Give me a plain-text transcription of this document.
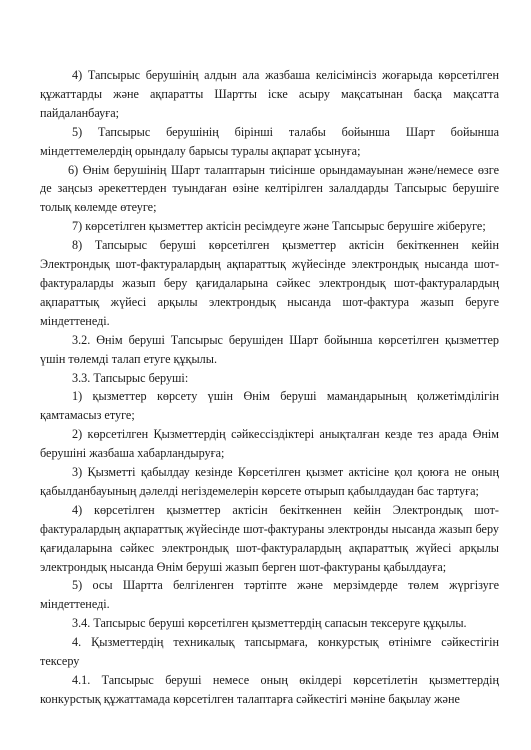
4) Тапсырыс берушінің алдын ала жазбаша келісімінсіз жоғарыда көрсетілген құжаттарды және ақпаратты Шартты іске асыру мақсатынан басқа мақсатта пайдаланбауға;

5) Тапсырыс берушінің бірінші талабы бойынша Шарт бойынша міндеттемелердің орындалу барысы туралы ақпарат ұсынуға;

6) Өнім берушінің Шарт талаптарын тиісінше орындамауынан және/немесе өзге де заңсыз әрекеттерден туындаған өзіне келтірілген залалдарды Тапсырыс берушіге толық көлемде өтеуге;

7) көрсетілген қызметтер актісін ресімдеуге және Тапсырыс берушіге жіберуге;

8) Тапсырыс беруші көрсетілген қызметтер актісін бекіткеннен кейін Электрондық шот-фактуралардың ақпараттық жүйесінде электрондық нысанда шот-фактураларды жазып беру қағидаларына сәйкес электрондық шот-фактуралардың ақпараттық жүйесі арқылы электрондық нысанда шот-фактура жазып беруге міндеттенеді.

3.2. Өнім беруші Тапсырыс берушіден Шарт бойынша көрсетілген қызметтер үшін төлемді талап етуге құқылы.

3.3. Тапсырыс беруші:

1) қызметтер көрсету үшін Өнім беруші мамандарының қолжетімділігін қамтамасыз етуге;

2) көрсетілген Қызметтердің сәйкессіздіктері анықталған кезде тез арада Өнім берушіні жазбаша хабарландыруға;

3) Қызметті қабылдау кезінде Көрсетілген қызмет актісіне қол қоюға не оның қабылданбауының дәлелді негіздемелерін көрсете отырып қабылдаудан бас тартуға;

4) көрсетілген қызметтер актісін бекіткеннен кейін Электрондық шот-фактуралардың ақпараттық жүйесінде шот-фактураны электронды нысанда жазып беру қағидаларына сәйкес электрондық шот-фактуралардың ақпараттық жүйесі арқылы электрондық нысанда Өнім беруші жазып берген шот-фактураны қабылдауға;

5) осы Шартта белгіленген тәртіпте және мерзімдерде төлем жүргізуге міндеттенеді.

3.4. Тапсырыс беруші көрсетілген қызметтердің сапасын тексеруге құқылы.

4. Қызметтердің техникалық тапсырмаға, конкурстық өтінімге сәйкестігін тексеру

4.1. Тапсырыс беруші немесе оның өкілдері көрсетілетін қызметтердің конкурстық құжаттамада көрсетілген талаптарға сәйкестігі мәніне бақылау және
